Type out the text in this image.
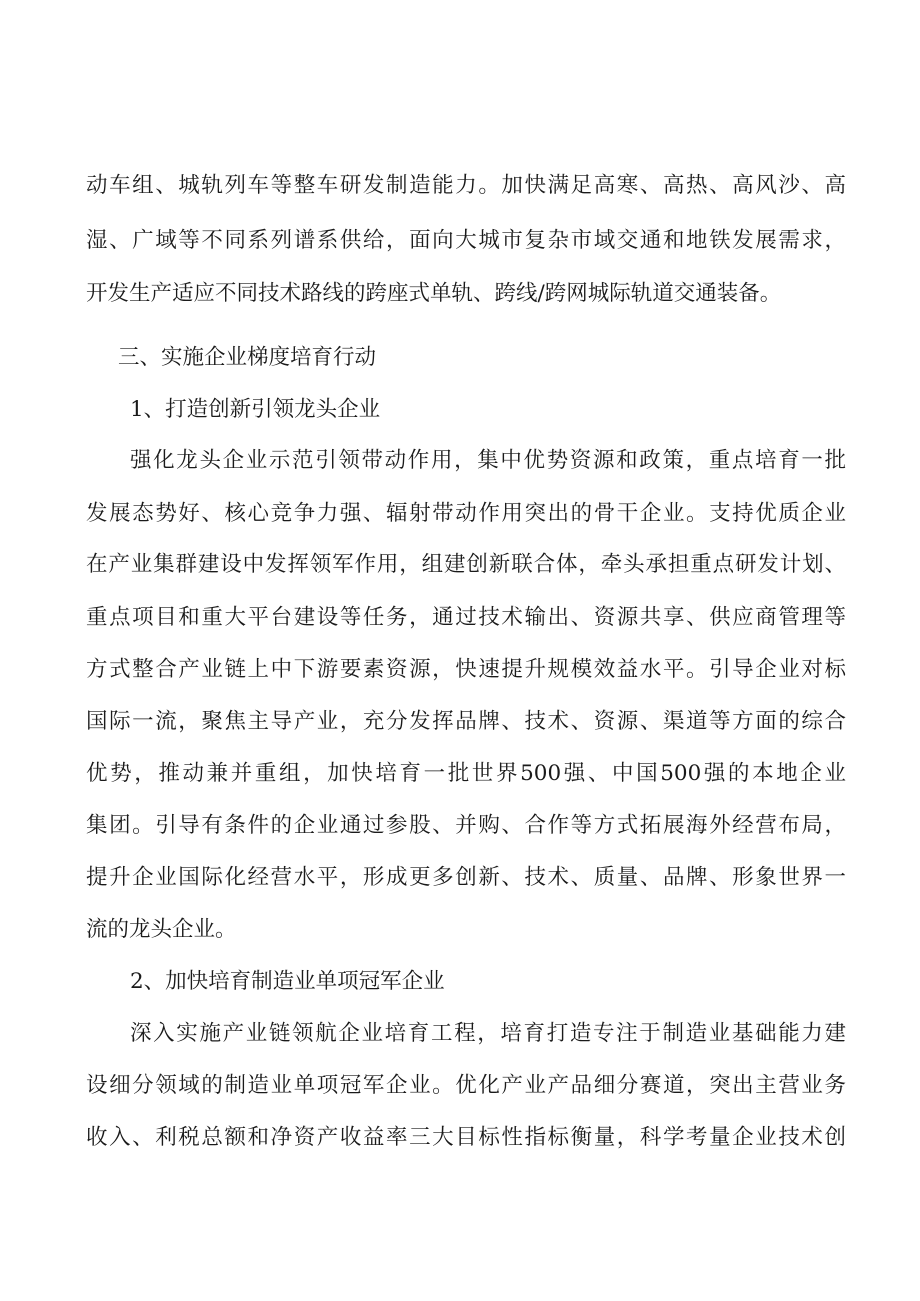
动车组、城轨列车等整车研发制造能力。加快满足高寒、高热、高风沙、高
湿、广域等不同系列谱系供给，面向大城市复杂市域交通和地铁发展需求，
开发生产适应不同技术路线的跨座式单轨、跨线/跨网城际轨道交通装备。
三、实施企业梯度培育行动
1、打造创新引领龙头企业
强化龙头企业示范引领带动作用，集中优势资源和政策，重点培育一批
发展态势好、核心竞争力强、辐射带动作用突出的骨干企业。支持优质企业
在产业集群建设中发挥领军作用，组建创新联合体，牵头承担重点研发计划、
重点项目和重大平台建设等任务，通过技术输出、资源共享、供应商管理等
方式整合产业链上中下游要素资源，快速提升规模效益水平。引导企业对标
国际一流，聚焦主导产业，充分发挥品牌、技术、资源、渠道等方面的综合
优势，推动兼并重组，加快培育一批世界500强、中国500强的本地企业
集团。引导有条件的企业通过参股、并购、合作等方式拓展海外经营布局，
提升企业国际化经营水平，形成更多创新、技术、质量、品牌、形象世界一
流的龙头企业。
2、加快培育制造业单项冠军企业
深入实施产业链领航企业培育工程，培育打造专注于制造业基础能力建
设细分领域的制造业单项冠军企业。优化产业产品细分赛道，突出主营业务
收入、利税总额和净资产收益率三大目标性指标衡量，科学考量企业技术创
